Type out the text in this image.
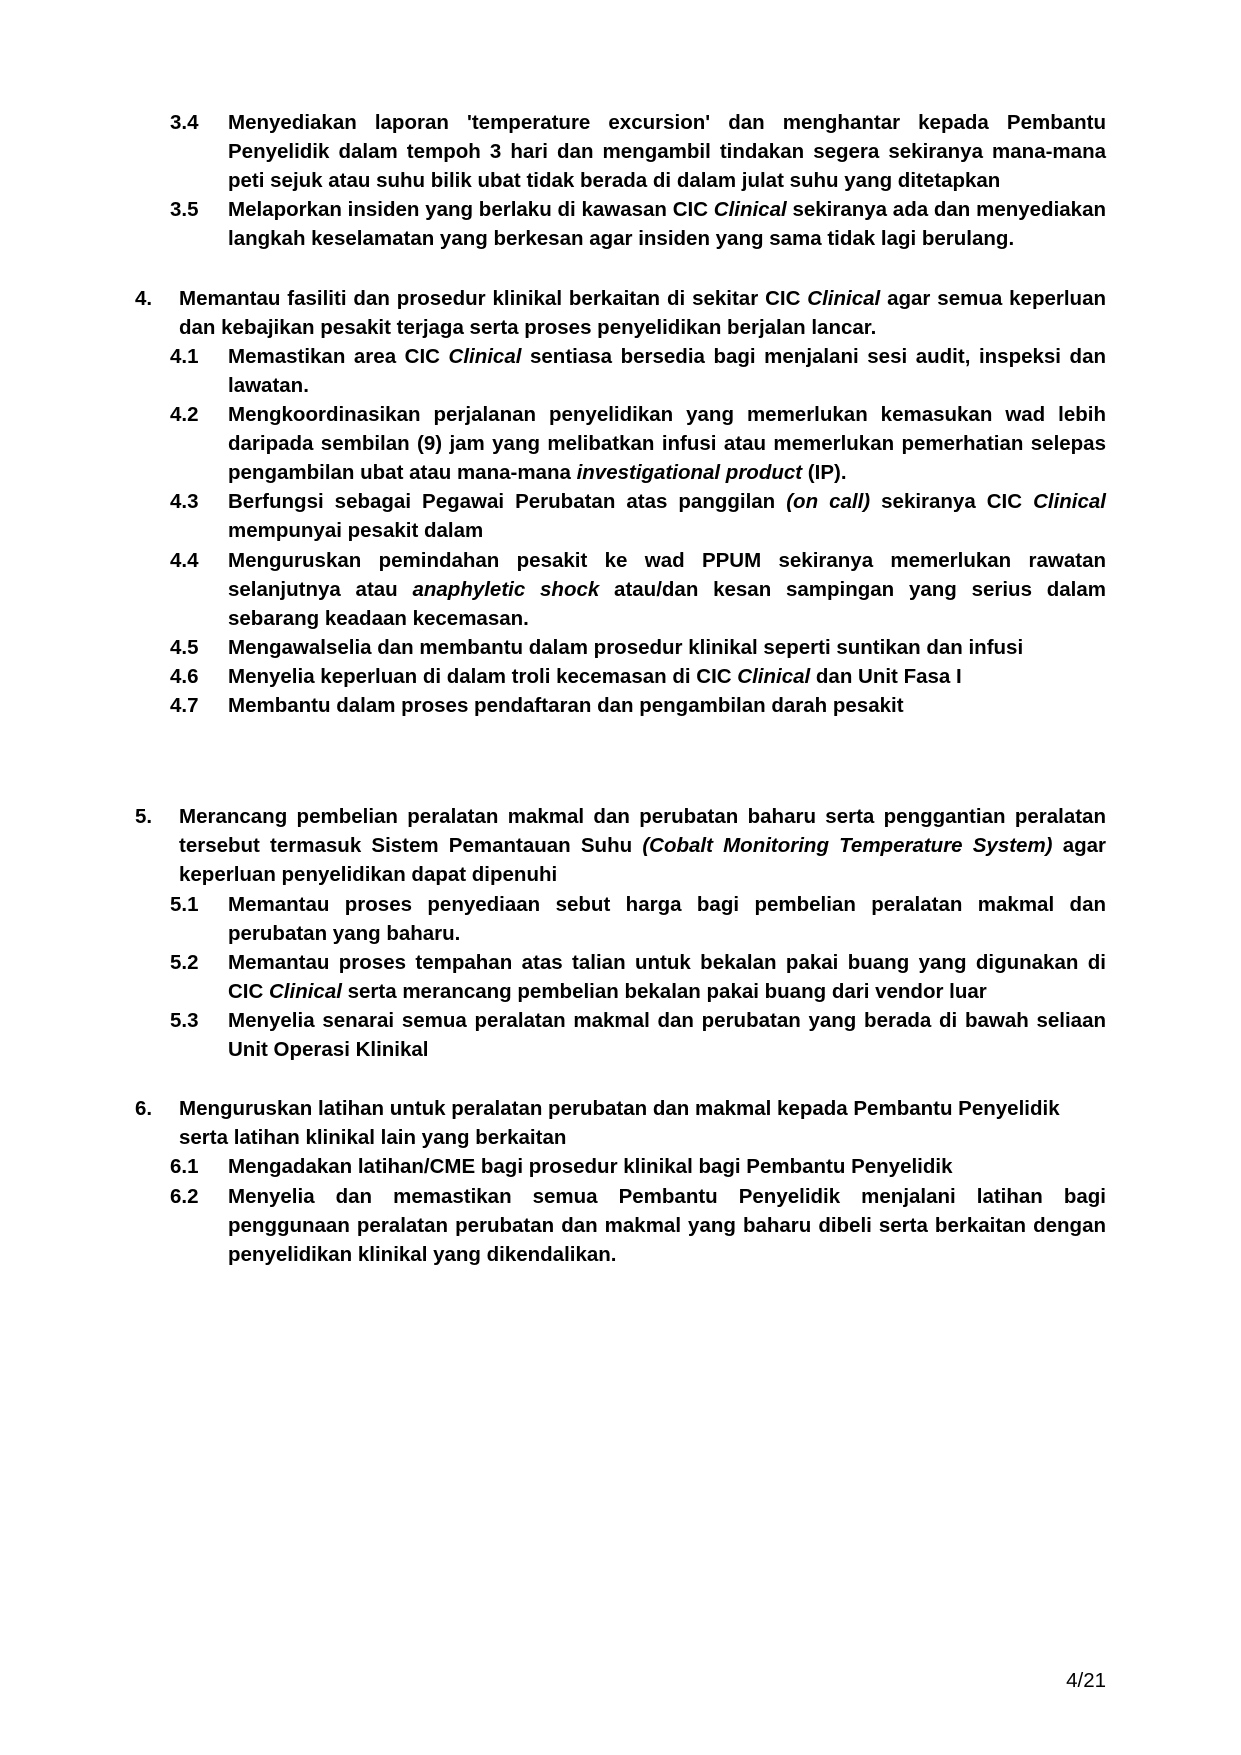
3.4	Menyediakan laporan 'temperature excursion' dan menghantar kepada Pembantu Penyelidik dalam tempoh 3 hari dan mengambil tindakan segera sekiranya mana-mana peti sejuk atau suhu bilik ubat tidak berada di dalam julat suhu yang ditetapkan
3.5	Melaporkan insiden yang berlaku di kawasan CIC Clinical sekiranya ada dan menyediakan langkah keselamatan yang berkesan agar insiden yang sama tidak lagi berulang.
4.	Memantau fasiliti dan prosedur klinikal berkaitan di sekitar CIC Clinical agar semua keperluan dan kebajikan pesakit terjaga serta proses penyelidikan berjalan lancar.
4.1	Memastikan area CIC Clinical sentiasa bersedia bagi menjalani sesi audit, inspeksi dan lawatan.
4.2	Mengkoordinasikan perjalanan penyelidikan yang memerlukan kemasukan wad lebih daripada sembilan (9) jam yang melibatkan infusi atau memerlukan pemerhatian selepas pengambilan ubat atau mana-mana investigational product (IP).
4.3	Berfungsi sebagai Pegawai Perubatan atas panggilan (on call) sekiranya CIC Clinical mempunyai pesakit dalam
4.4	Menguruskan pemindahan pesakit ke wad PPUM sekiranya memerlukan rawatan selanjutnya atau anaphyletic shock atau/dan kesan sampingan yang serius dalam sebarang keadaan kecemasan.
4.5	Mengawalselia dan membantu dalam prosedur klinikal seperti suntikan dan infusi
4.6	Menyelia keperluan di dalam troli kecemasan di CIC Clinical dan Unit Fasa I
4.7	Membantu dalam proses pendaftaran dan pengambilan darah pesakit
5.	Merancang pembelian peralatan makmal dan perubatan baharu serta penggantian peralatan tersebut termasuk Sistem Pemantauan Suhu (Cobalt Monitoring Temperature System) agar keperluan penyelidikan dapat dipenuhi
5.1	Memantau proses penyediaan sebut harga bagi pembelian peralatan makmal dan perubatan yang baharu.
5.2	Memantau proses tempahan atas talian untuk bekalan pakai buang yang digunakan di CIC Clinical serta merancang pembelian bekalan pakai buang dari vendor luar
5.3	Menyelia senarai semua peralatan makmal dan perubatan yang berada di bawah seliaan Unit Operasi Klinikal
6.	Menguruskan latihan untuk peralatan perubatan dan makmal kepada Pembantu Penyelidik serta latihan klinikal lain yang berkaitan
6.1	Mengadakan latihan/CME bagi prosedur klinikal bagi Pembantu Penyelidik
6.2	Menyelia dan memastikan semua Pembantu Penyelidik menjalani latihan bagi penggunaan peralatan perubatan dan makmal yang baharu dibeli serta berkaitan dengan penyelidikan klinikal yang dikendalikan.
4/21
